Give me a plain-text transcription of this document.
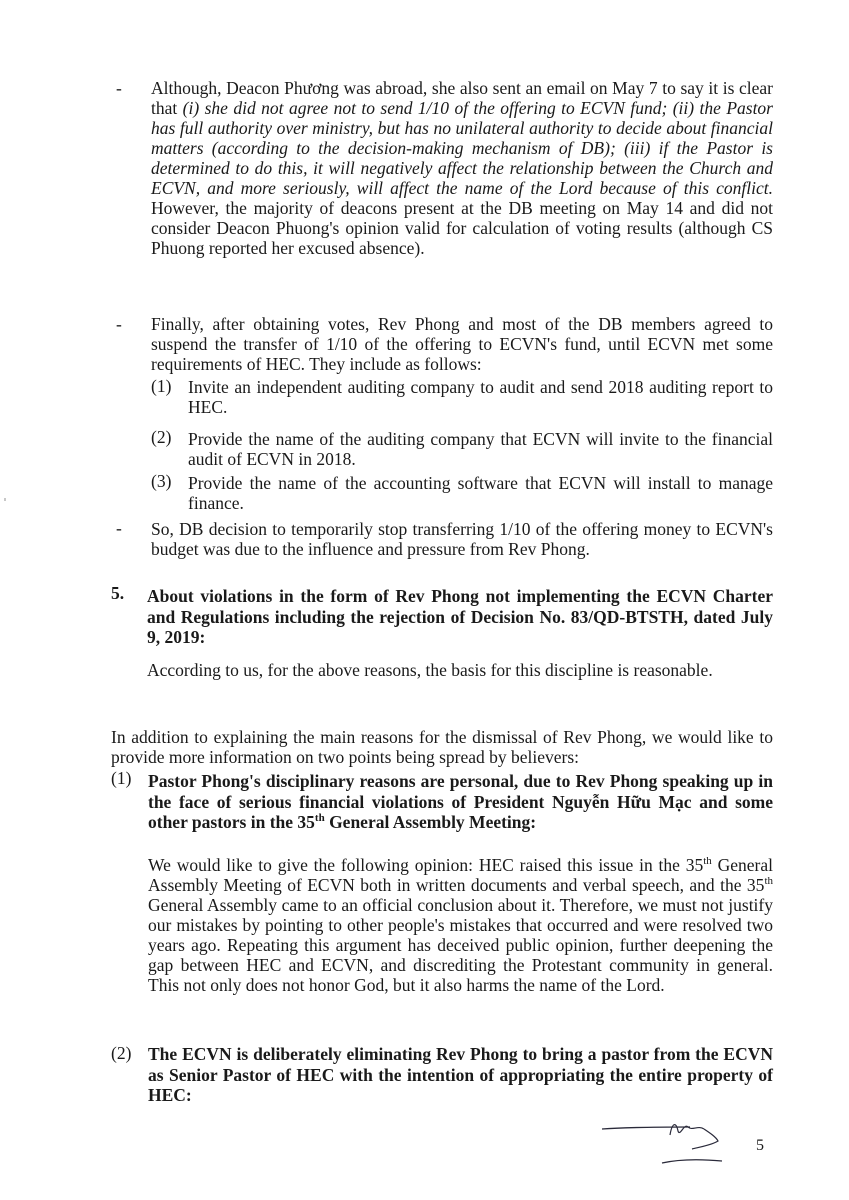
- Although, Deacon Phương was abroad, she also sent an email on May 7 to say it is clear that (i) she did not agree not to send 1/10 of the offering to ECVN fund; (ii) the Pastor has full authority over ministry, but has no unilateral authority to decide about financial matters (according to the decision-making mechanism of DB); (iii) if the Pastor is determined to do this, it will negatively affect the relationship between the Church and ECVN, and more seriously, will affect the name of the Lord because of this conflict. However, the majority of deacons present at the DB meeting on May 14 and did not consider Deacon Phuong's opinion valid for calculation of voting results (although CS Phuong reported her excused absence).
- Finally, after obtaining votes, Rev Phong and most of the DB members agreed to suspend the transfer of 1/10 of the offering to ECVN's fund, until ECVN met some requirements of HEC. They include as follows:
(1) Invite an independent auditing company to audit and send 2018 auditing report to HEC.
(2) Provide the name of the auditing company that ECVN will invite to the financial audit of ECVN in 2018.
(3) Provide the name of the accounting software that ECVN will install to manage finance.
- So, DB decision to temporarily stop transferring 1/10 of the offering money to ECVN's budget was due to the influence and pressure from Rev Phong.
5. About violations in the form of Rev Phong not implementing the ECVN Charter and Regulations including the rejection of Decision No. 83/QD-BTSTH, dated July 9, 2019:
According to us, for the above reasons, the basis for this discipline is reasonable.
In addition to explaining the main reasons for the dismissal of Rev Phong, we would like to provide more information on two points being spread by believers:
(1) Pastor Phong's disciplinary reasons are personal, due to Rev Phong speaking up in the face of serious financial violations of President Nguyễn Hữu Mạc and some other pastors in the 35th General Assembly Meeting:
We would like to give the following opinion: HEC raised this issue in the 35th General Assembly Meeting of ECVN both in written documents and verbal speech, and the 35th General Assembly came to an official conclusion about it. Therefore, we must not justify our mistakes by pointing to other people's mistakes that occurred and were resolved two years ago. Repeating this argument has deceived public opinion, further deepening the gap between HEC and ECVN, and discrediting the Protestant community in general. This not only does not honor God, but it also harms the name of the Lord.
(2) The ECVN is deliberately eliminating Rev Phong to bring a pastor from the ECVN as Senior Pastor of HEC with the intention of appropriating the entire property of HEC:
5
